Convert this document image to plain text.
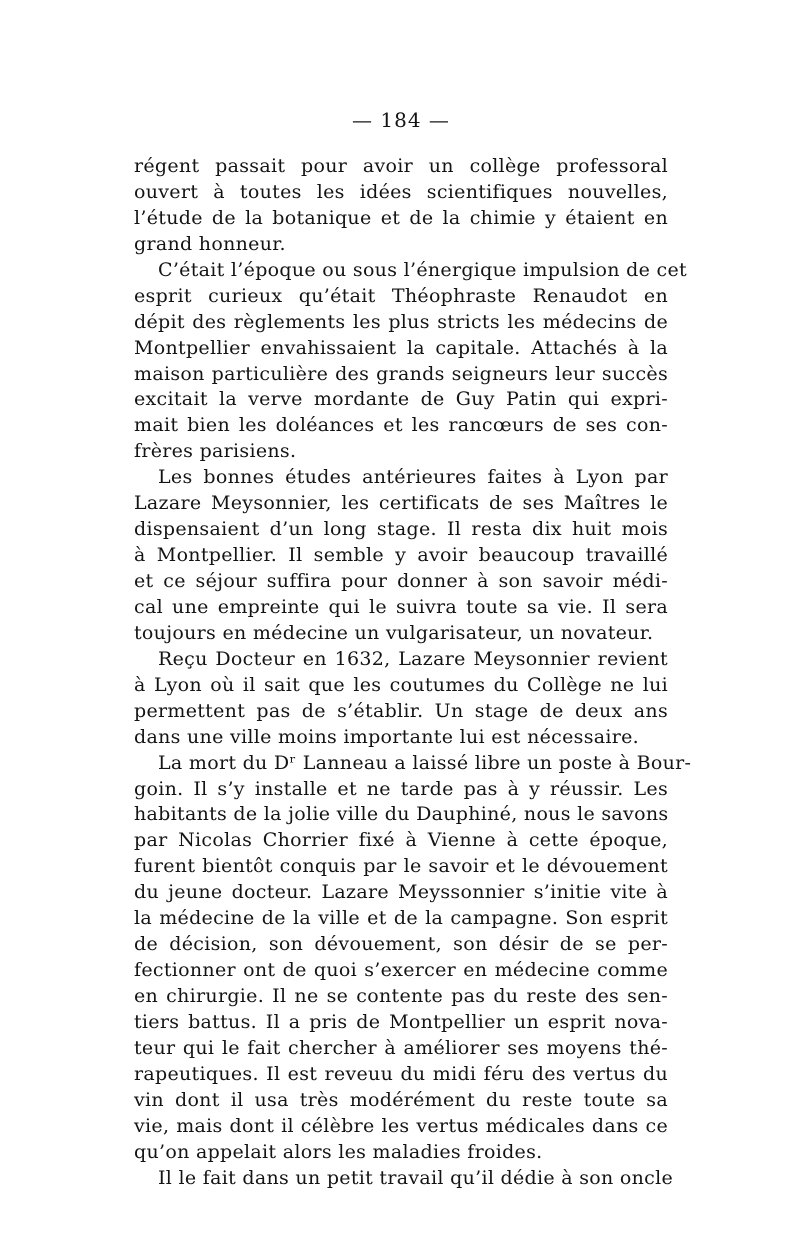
— 184 —
régent passait pour avoir un collège professoral
ouvert à toutes les idées scientifiques nouvelles,
l’étude de la botanique et de la chimie y étaient en
grand honneur.
C’était l’époque ou sous l’énergique impulsion de cet
esprit curieux qu’était Théophraste Renaudot en
dépit des règlements les plus stricts les médecins de
Montpellier envahissaient la capitale. Attachés à la
maison particulière des grands seigneurs leur succès
excitait la verve mordante de Guy Patin qui expri-
mait bien les doléances et les rancœurs de ses con-
frères parisiens.
Les bonnes études antérieures faites à Lyon par
Lazare Meysonnier, les certificats de ses Maîtres le
dispensaient d’un long stage. Il resta dix huit mois
à Montpellier. Il semble y avoir beaucoup travaillé
et ce séjour suffira pour donner à son savoir médi-
cal une empreinte qui le suivra toute sa vie. Il sera
toujours en médecine un vulgarisateur, un novateur.
Reçu Docteur en 1632, Lazare Meysonnier revient
à Lyon où il sait que les coutumes du Collège ne lui
permettent pas de s’établir. Un stage de deux ans
dans une ville moins importante lui est nécessaire.
La mort du Dʳ Lanneau a laissé libre un poste à Bour-
goin. Il s’y installe et ne tarde pas à y réussir. Les
habitants de la jolie ville du Dauphiné, nous le savons
par Nicolas Chorrier fixé à Vienne à cette époque,
furent bientôt conquis par le savoir et le dévouement
du jeune docteur. Lazare Meyssonnier s’initie vite à
la médecine de la ville et de la campagne. Son esprit
de décision, son dévouement, son désir de se per-
fectionner ont de quoi s’exercer en médecine comme
en chirurgie. Il ne se contente pas du reste des sen-
tiers battus. Il a pris de Montpellier un esprit nova-
teur qui le fait chercher à améliorer ses moyens thé-
rapeutiques. Il est reveuu du midi féru des vertus du
vin dont il usa très modérément du reste toute sa
vie, mais dont il célèbre les vertus médicales dans ce
qu’on appelait alors les maladies froides.
Il le fait dans un petit travail qu’il dédie à son oncle
